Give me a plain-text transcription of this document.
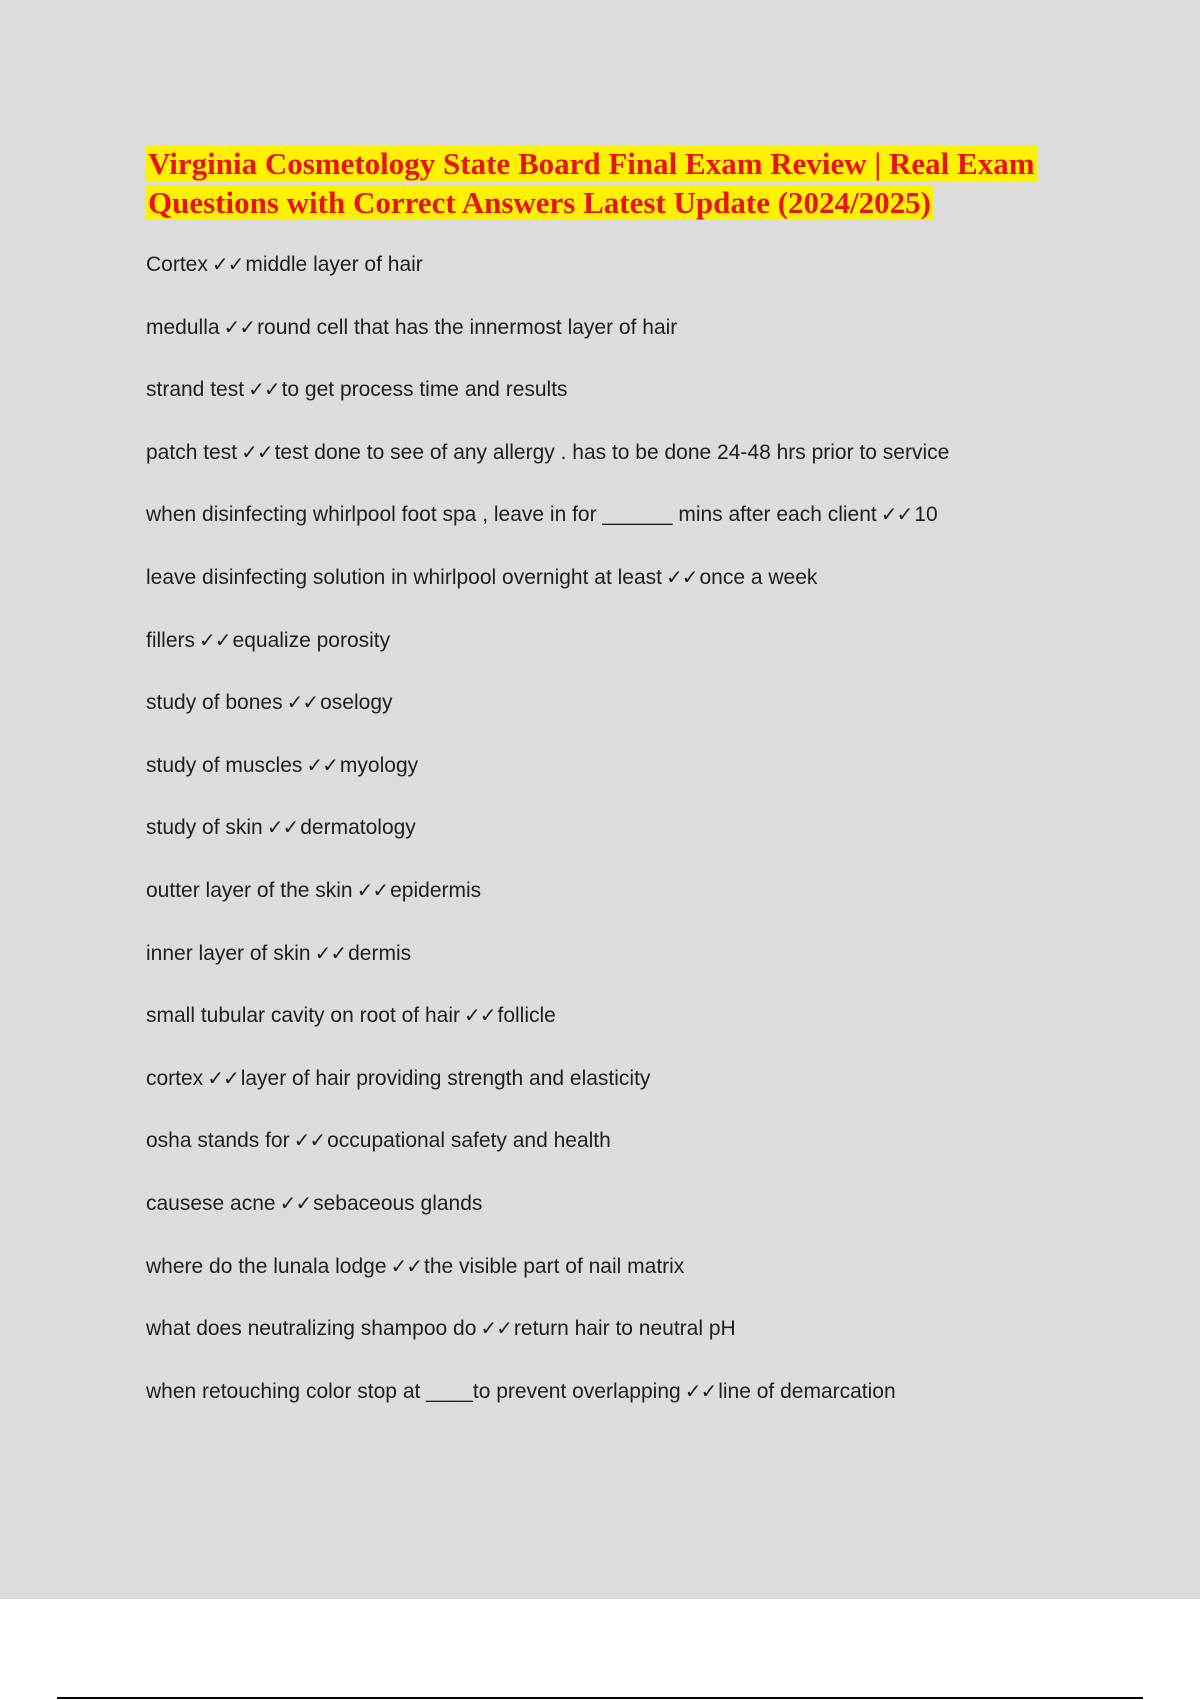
Virginia Cosmetology State Board Final Exam Review | Real Exam Questions with Correct Answers Latest Update (2024/2025)
Cortex ✓✓middle layer of hair
medulla ✓✓round cell that has the innermost layer of hair
strand test ✓✓to get process time and results
patch test ✓✓test done to see of any allergy . has to be done 24-48 hrs prior to service
when disinfecting whirlpool foot spa , leave in for ______ mins after each client ✓✓10
leave disinfecting solution in whirlpool overnight at least ✓✓once a week
fillers ✓✓equalize porosity
study of bones ✓✓oselogy
study of muscles ✓✓myology
study of skin ✓✓dermatology
outter layer of the skin ✓✓epidermis
inner layer of skin ✓✓dermis
small tubular cavity on root of hair ✓✓follicle
cortex ✓✓layer of hair providing strength and elasticity
osha stands for ✓✓occupational safety and health
causese acne ✓✓sebaceous glands
where do the lunala lodge ✓✓the visible part of nail matrix
what does neutralizing shampoo do ✓✓return hair to neutral pH
when retouching color stop at ____to prevent overlapping ✓✓line of demarcation
